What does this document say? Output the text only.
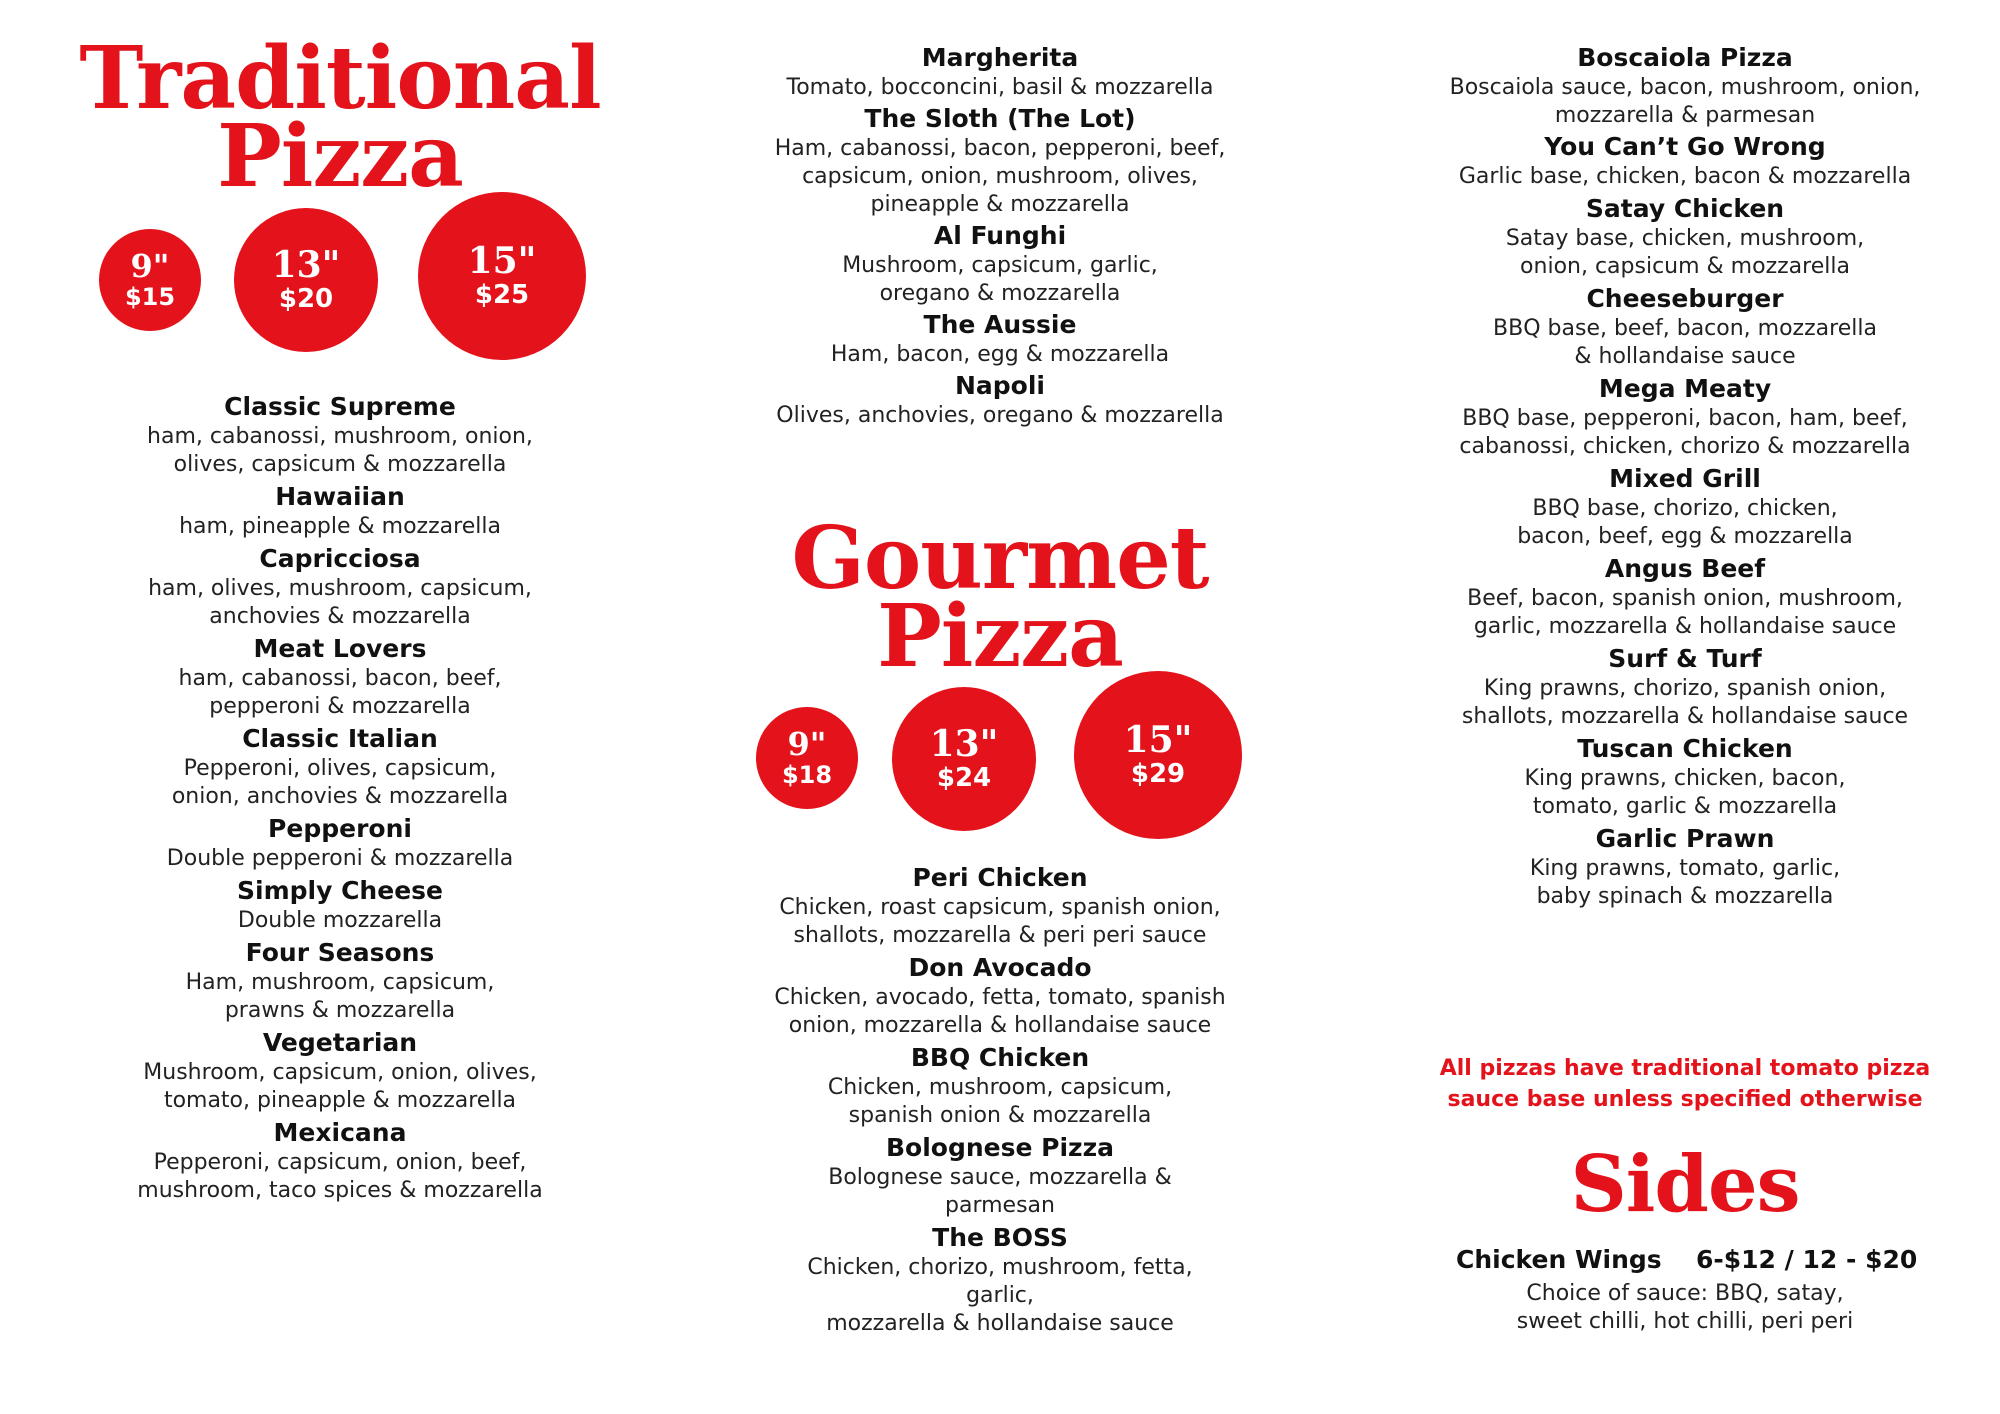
Traditional
Pizza
9"
$15
13"
$20
15"
$25
Classic Supreme
ham, cabanossi, mushroom, onion,
olives, capsicum & mozzarella
Hawaiian
ham, pineapple & mozzarella
Capricciosa
ham, olives, mushroom, capsicum,
anchovies & mozzarella
Meat Lovers
ham, cabanossi, bacon, beef,
pepperoni & mozzarella
Classic Italian
Pepperoni, olives, capsicum,
onion, anchovies & mozzarella
Pepperoni
Double pepperoni & mozzarella
Simply Cheese
Double mozzarella
Four Seasons
Ham, mushroom, capsicum,
prawns & mozzarella
Vegetarian
Mushroom, capsicum, onion, olives,
tomato, pineapple & mozzarella
Mexicana
Pepperoni, capsicum, onion, beef,
mushroom, taco spices & mozzarella
Margherita
Tomato, bocconcini, basil & mozzarella
The Sloth (The Lot)
Ham, cabanossi, bacon, pepperoni, beef,
capsicum, onion, mushroom, olives,
pineapple & mozzarella
Al Funghi
Mushroom, capsicum, garlic,
oregano & mozzarella
The Aussie
Ham, bacon, egg & mozzarella
Napoli
Olives, anchovies, oregano & mozzarella
Gourmet
Pizza
9"
$18
13"
$24
15"
$29
Peri Chicken
Chicken, roast capsicum, spanish onion,
shallots, mozzarella & peri peri sauce
Don Avocado
Chicken, avocado, fetta, tomato, spanish
onion, mozzarella & hollandaise sauce
BBQ Chicken
Chicken, mushroom, capsicum,
spanish onion & mozzarella
Bolognese Pizza
Bolognese sauce, mozzarella & parmesan
The BOSS
Chicken, chorizo, mushroom, fetta, garlic,
mozzarella & hollandaise sauce
Boscaiola Pizza
Boscaiola sauce, bacon, mushroom, onion,
mozzarella & parmesan
You Can’t Go Wrong
Garlic base, chicken, bacon & mozzarella
Satay Chicken
Satay base, chicken, mushroom,
onion, capsicum & mozzarella
Cheeseburger
BBQ base, beef, bacon, mozzarella
& hollandaise sauce
Mega Meaty
BBQ base, pepperoni, bacon, ham, beef,
cabanossi, chicken, chorizo & mozzarella
Mixed Grill
BBQ base, chorizo, chicken,
bacon, beef, egg & mozzarella
Angus Beef
Beef, bacon, spanish onion, mushroom,
garlic, mozzarella & hollandaise sauce
Surf & Turf
King prawns, chorizo, spanish onion,
shallots, mozzarella & hollandaise sauce
Tuscan Chicken
King prawns, chicken, bacon,
tomato, garlic & mozzarella
Garlic Prawn
King prawns, tomato, garlic,
baby spinach & mozzarella
All pizzas have traditional tomato pizza
sauce base unless specified otherwise
Sides
Chicken Wings 6-$12 / 12 - $20
Choice of sauce: BBQ, satay,
sweet chilli, hot chilli, peri peri
